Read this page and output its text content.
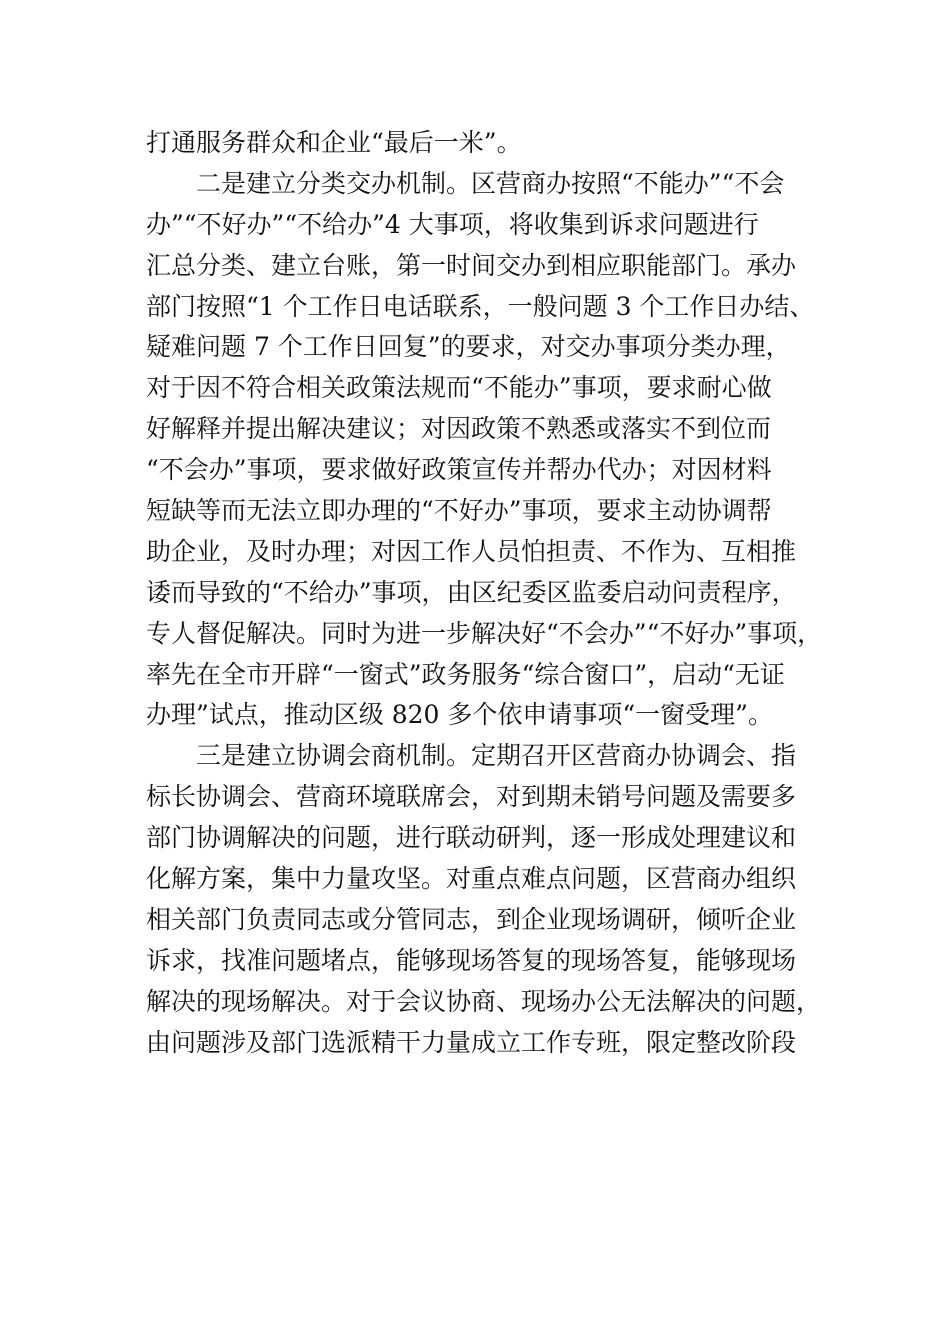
打通服务群众和企业“最后一米”。
二是建立分类交办机制。区营商办按照“不能办”“不会
办”“不好办”“不给办”4 大事项，将收集到诉求问题进行
汇总分类、建立台账，第一时间交办到相应职能部门。承办
部门按照“1 个工作日电话联系，一般问题 3 个工作日办结、
疑难问题 7 个工作日回复”的要求，对交办事项分类办理，
对于因不符合相关政策法规而“不能办”事项，要求耐心做
好解释并提出解决建议；对因政策不熟悉或落实不到位而
“不会办”事项，要求做好政策宣传并帮办代办；对因材料
短缺等而无法立即办理的“不好办”事项，要求主动协调帮
助企业，及时办理；对因工作人员怕担责、不作为、互相推
诿而导致的“不给办”事项，由区纪委区监委启动问责程序，
专人督促解决。同时为进一步解决好“不会办”“不好办”事项，
率先在全市开辟“一窗式”政务服务“综合窗口”，启动“无证
办理”试点，推动区级 820 多个依申请事项“一窗受理”。
三是建立协调会商机制。定期召开区营商办协调会、指
标长协调会、营商环境联席会，对到期未销号问题及需要多
部门协调解决的问题，进行联动研判，逐一形成处理建议和
化解方案，集中力量攻坚。对重点难点问题，区营商办组织
相关部门负责同志或分管同志，到企业现场调研，倾听企业
诉求，找准问题堵点，能够现场答复的现场答复，能够现场
解决的现场解决。对于会议协商、现场办公无法解决的问题，
由问题涉及部门选派精干力量成立工作专班，限定整改阶段
